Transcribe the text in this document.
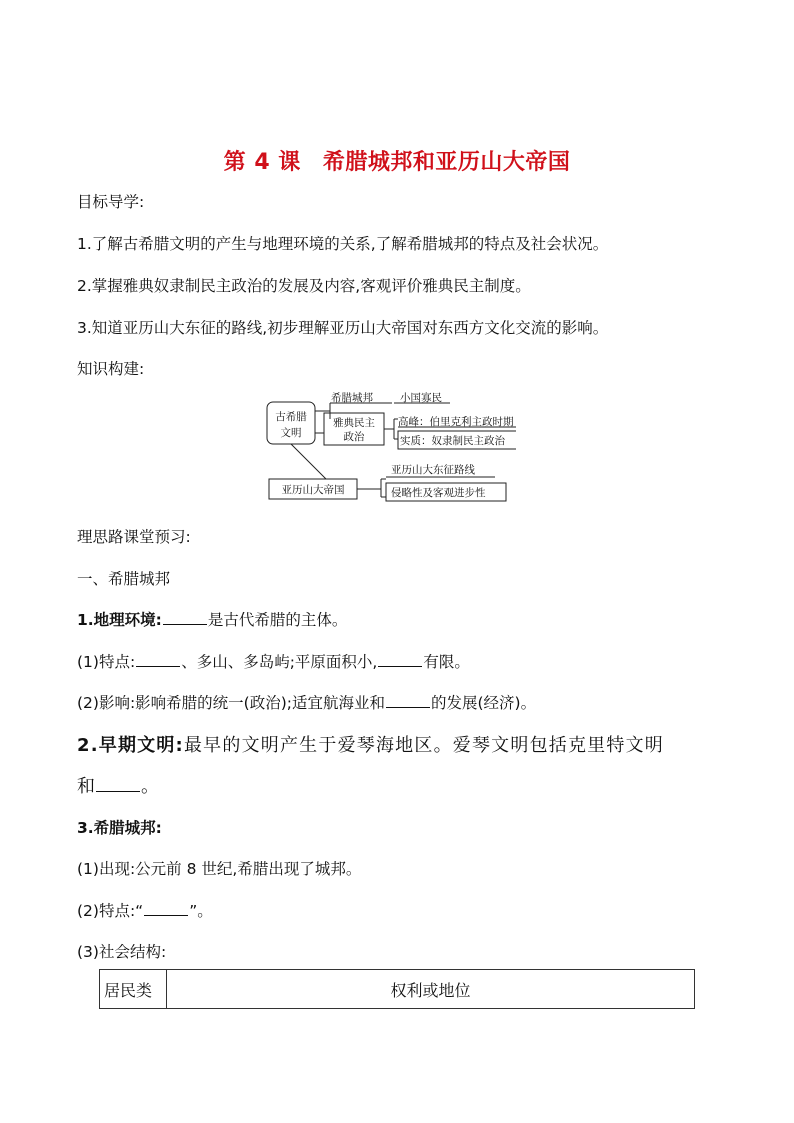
第 4 课 希腊城邦和亚历山大帝国
目标导学:
1.了解古希腊文明的产生与地理环境的关系,了解希腊城邦的特点及社会状况。
2.掌握雅典奴隶制民主政治的发展及内容,客观评价雅典民主制度。
3.知道亚历山大东征的路线,初步理解亚历山大帝国对东西方文化交流的影响。
知识构建:
古希腊
文明
希腊城邦	小国寡民
雅典民主
政治
高峰：伯里克利主政时期
实质：奴隶制民主政治
亚历山大帝国
亚历山大东征路线
侵略性及客观进步性
理思路课堂预习:
一、希腊城邦
1.地理环境:	是古代希腊的主体。
(1)特点:	、多山、多岛屿;平原面积小,	有限。
(2)影响:影响希腊的统一(政治);适宜航海业和	的发展(经济)。
2.早期文明:最早的文明产生于爱琴海地区。爱琴文明包括克里特文明
和	。
3.希腊城邦:
(1)出现:公元前 8 世纪,希腊出现了城邦。
(2)特点:“	”。
(3)社会结构:
居民类	权利或地位
